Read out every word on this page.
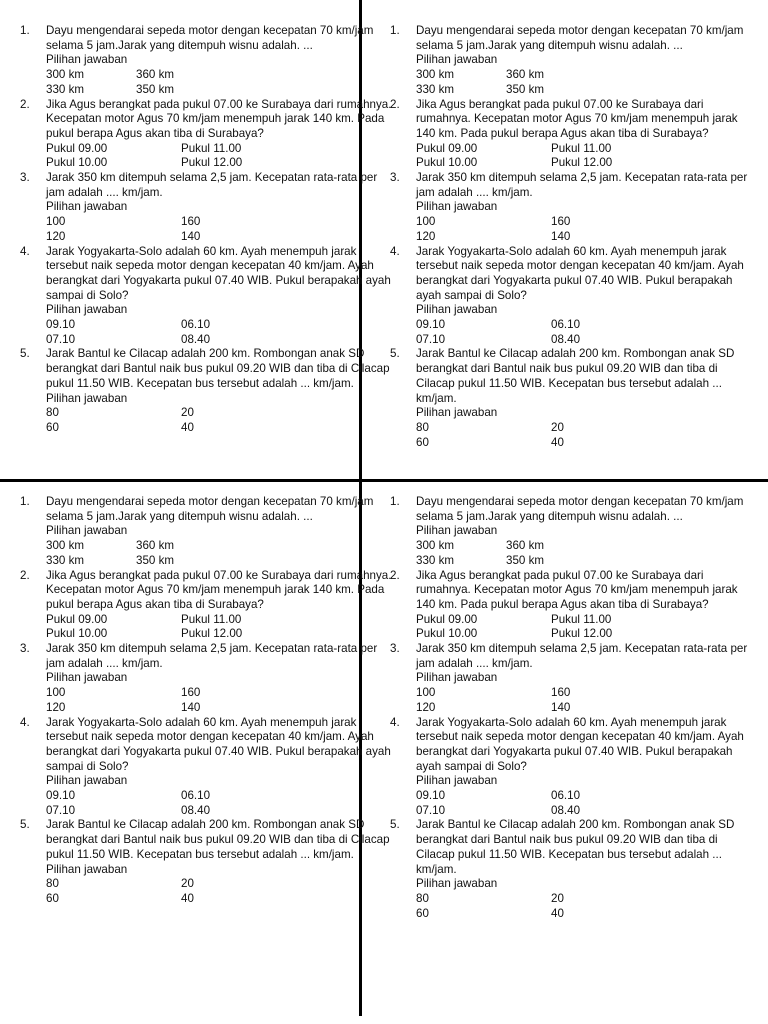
1. Dayu mengendarai sepeda motor dengan kecepatan 70 km/jam selama 5 jam.Jarak yang ditempuh wisnu adalah. ...
Pilihan jawaban
300 km	360 km
330 km	350 km
2. Jika Agus berangkat pada pukul 07.00 ke Surabaya dari rumahnya. Kecepatan motor Agus 70 km/jam menempuh jarak 140 km. Pada pukul berapa Agus akan tiba di Surabaya?
Pukul 09.00	Pukul 11.00
Pukul 10.00	Pukul 12.00
3. Jarak 350 km ditempuh selama 2,5 jam. Kecepatan rata-rata per jam adalah .... km/jam.
Pilihan jawaban
100	160
120	140
4. Jarak Yogyakarta-Solo adalah 60 km. Ayah menempuh jarak tersebut naik sepeda motor dengan kecepatan 40 km/jam. Ayah berangkat dari Yogyakarta pukul 07.40 WIB. Pukul berapakah ayah sampai di Solo?
Pilihan jawaban
09.10	06.10
07.10	08.40
5. Jarak Bantul ke Cilacap adalah 200 km. Rombongan anak SD berangkat dari Bantul naik bus pukul 09.20 WIB dan tiba di Cilacap pukul 11.50 WIB. Kecepatan bus tersebut adalah ... km/jam.
Pilihan jawaban
80	20
60	40
1. Dayu mengendarai sepeda motor dengan kecepatan 70 km/jam selama 5 jam.Jarak yang ditempuh wisnu adalah. ...
Pilihan jawaban
300 km	360 km
330 km	350 km
2. Jika Agus berangkat pada pukul 07.00 ke Surabaya dari rumahnya. Kecepatan motor Agus 70 km/jam menempuh jarak 140 km. Pada pukul berapa Agus akan tiba di Surabaya?
Pukul 09.00	Pukul 11.00
Pukul 10.00	Pukul 12.00
3. Jarak 350 km ditempuh selama 2,5 jam. Kecepatan rata-rata per jam adalah .... km/jam.
Pilihan jawaban
100	160
120	140
4. Jarak Yogyakarta-Solo adalah 60 km. Ayah menempuh jarak tersebut naik sepeda motor dengan kecepatan 40 km/jam. Ayah berangkat dari Yogyakarta pukul 07.40 WIB. Pukul berapakah ayah sampai di Solo?
Pilihan jawaban
09.10	06.10
07.10	08.40
5. Jarak Bantul ke Cilacap adalah 200 km. Rombongan anak SD berangkat dari Bantul naik bus pukul 09.20 WIB dan tiba di Cilacap pukul 11.50 WIB. Kecepatan bus tersebut adalah ... km/jam.
Pilihan jawaban
80	20
60	40
1. Dayu mengendarai sepeda motor dengan kecepatan 70 km/jam selama 5 jam.Jarak yang ditempuh wisnu adalah. ...
Pilihan jawaban
300 km	360 km
330 km	350 km
2. Jika Agus berangkat pada pukul 07.00 ke Surabaya dari rumahnya. Kecepatan motor Agus 70 km/jam menempuh jarak 140 km. Pada pukul berapa Agus akan tiba di Surabaya?
Pukul 09.00	Pukul 11.00
Pukul 10.00	Pukul 12.00
3. Jarak 350 km ditempuh selama 2,5 jam. Kecepatan rata-rata per jam adalah .... km/jam.
Pilihan jawaban
100	160
120	140
4. Jarak Yogyakarta-Solo adalah 60 km. Ayah menempuh jarak tersebut naik sepeda motor dengan kecepatan 40 km/jam. Ayah berangkat dari Yogyakarta pukul 07.40 WIB. Pukul berapakah ayah sampai di Solo?
Pilihan jawaban
09.10	06.10
07.10	08.40
5. Jarak Bantul ke Cilacap adalah 200 km. Rombongan anak SD berangkat dari Bantul naik bus pukul 09.20 WIB dan tiba di Cilacap pukul 11.50 WIB. Kecepatan bus tersebut adalah ... km/jam.
Pilihan jawaban
80	20
60	40
1. Dayu mengendarai sepeda motor dengan kecepatan 70 km/jam selama 5 jam.Jarak yang ditempuh wisnu adalah. ...
Pilihan jawaban
300 km	360 km
330 km	350 km
2. Jika Agus berangkat pada pukul 07.00 ke Surabaya dari rumahnya. Kecepatan motor Agus 70 km/jam menempuh jarak 140 km. Pada pukul berapa Agus akan tiba di Surabaya?
Pukul 09.00	Pukul 11.00
Pukul 10.00	Pukul 12.00
3. Jarak 350 km ditempuh selama 2,5 jam. Kecepatan rata-rata per jam adalah .... km/jam.
Pilihan jawaban
100	160
120	140
4. Jarak Yogyakarta-Solo adalah 60 km. Ayah menempuh jarak tersebut naik sepeda motor dengan kecepatan 40 km/jam. Ayah berangkat dari Yogyakarta pukul 07.40 WIB. Pukul berapakah ayah sampai di Solo?
Pilihan jawaban
09.10	06.10
07.10	08.40
5. Jarak Bantul ke Cilacap adalah 200 km. Rombongan anak SD berangkat dari Bantul naik bus pukul 09.20 WIB dan tiba di Cilacap pukul 11.50 WIB. Kecepatan bus tersebut adalah ... km/jam.
Pilihan jawaban
80	20
60	40
